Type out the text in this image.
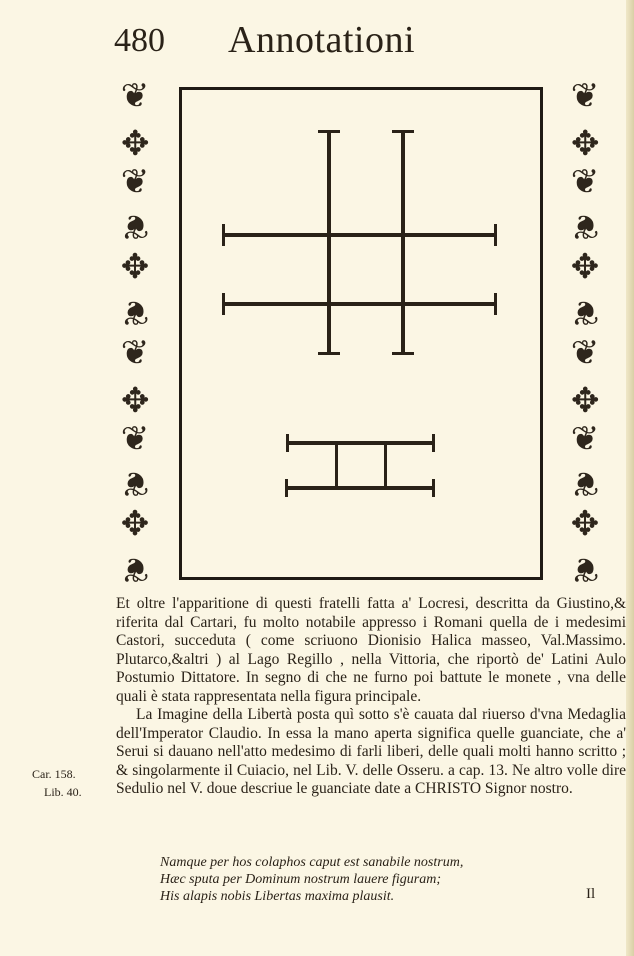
480 Annotationi
❦
✥
❦
❦
✥
❦
❦
✥
❦
❦
✥
❦
❦
✥
❦
❦
✥
❦
❦
✥
❦
❦
✥
❦

Et oltre l'apparitione di questi fratelli fatta a' Locresi, descritta da Giustino,& riferita dal Cartari, fu molto notabile appresso i Romani quella de i medesimi Castori, succeduta ( come scriuono Dionisio Halica masseo, Val.Massimo. Plutarco,&altri ) al Lago Regillo , nella Vittoria, che riportò de' Latini Aulo Postumio Dittatore. In segno di che ne furno poi battute le monete , vna delle quali è stata rappresentata nella figura principale.

La Imagine della Libertà posta quì sotto s'è cauata dal riuerso d'vna Medaglia dell'Imperator Claudio. In essa la mano aperta significa quelle guanciate, che a' Serui si dauano nell'atto medesimo di farli liberi, delle quali molti hanno scritto ; & singolarmente il Cuiacio, nel Lib. V. delle Osseru. a cap. 13. Ne altro volle dire Sedulio nel V. doue descriue le guanciate date a CHRISTO Signor nostro.

Car. 158.
Lib. 40.
Namque per hos colaphos caput est sanabile nostrum,
Hæc sputa per Dominum nostrum lauere figuram;
His alapis nobis Libertas maxima plausit.	Il
